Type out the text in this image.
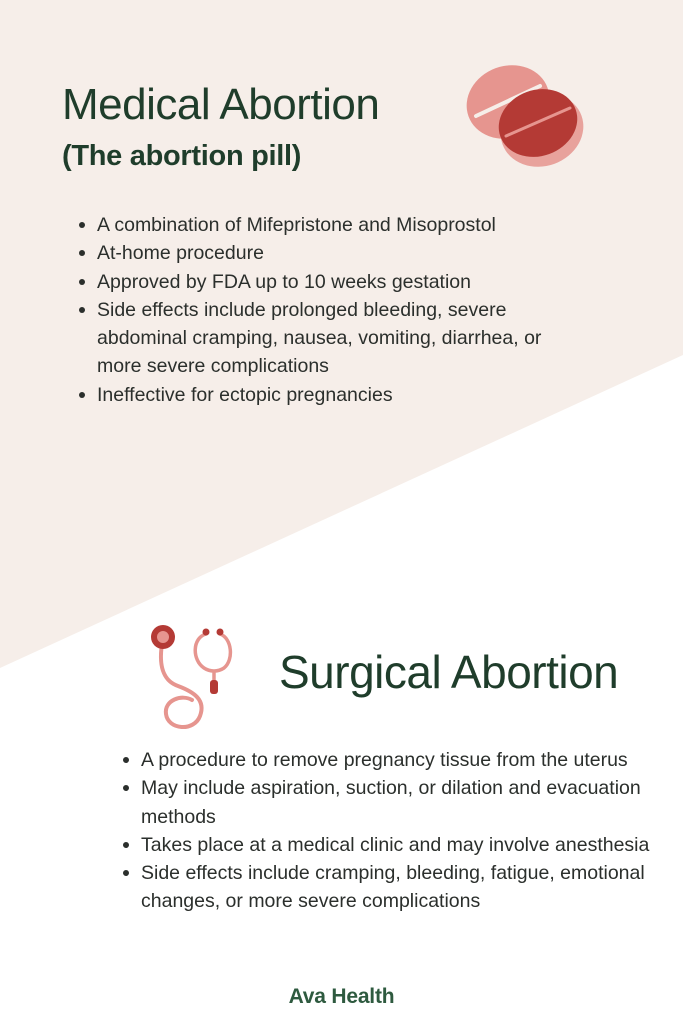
Medical Abortion
(The abortion pill)
A combination of Mifepristone and Misoprostol
At-home procedure
Approved by FDA up to 10 weeks gestation
Side effects include prolonged bleeding, severe abdominal cramping, nausea, vomiting, diarrhea, or more severe complications
Ineffective for ectopic pregnancies
Surgical Abortion
A procedure to remove pregnancy tissue from the uterus
May include aspiration, suction, or dilation and evacuation methods
Takes place at a medical clinic and may involve anesthesia
Side effects include cramping, bleeding, fatigue, emotional changes, or more severe complications
Ava Health
